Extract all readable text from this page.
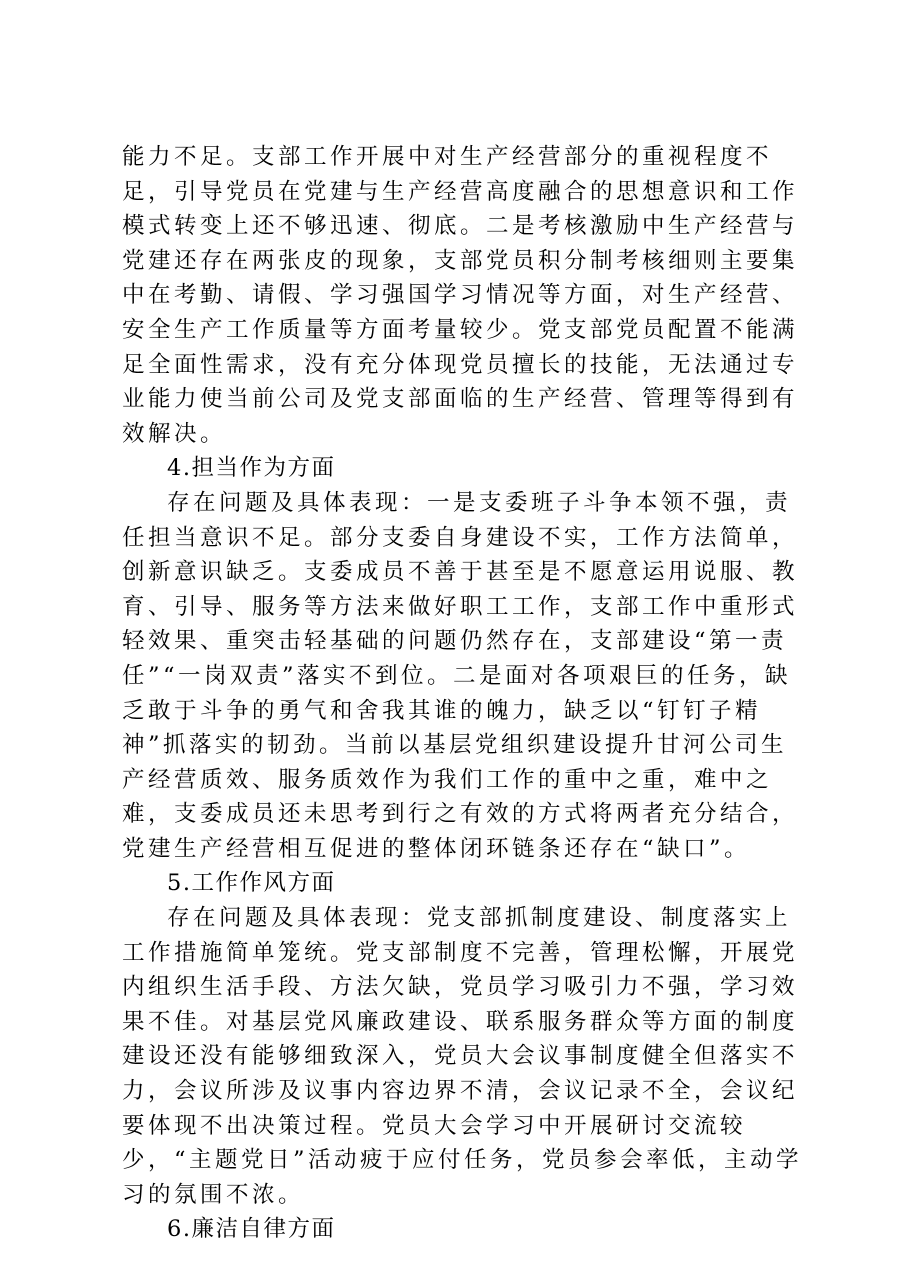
能力不足。支部工作开展中对生产经营部分的重视程度不足，引导党员在党建与生产经营高度融合的思想意识和工作模式转变上还不够迅速、彻底。二是考核激励中生产经营与党建还存在两张皮的现象，支部党员积分制考核细则主要集中在考勤、请假、学习强国学习情况等方面，对生产经营、安全生产工作质量等方面考量较少。党支部党员配置不能满足全面性需求，没有充分体现党员擅长的技能，无法通过专业能力使当前公司及党支部面临的生产经营、管理等得到有效解决。

4.担当作为方面

存在问题及具体表现：一是支委班子斗争本领不强，责任担当意识不足。部分支委自身建设不实，工作方法简单，创新意识缺乏。支委成员不善于甚至是不愿意运用说服、教育、引导、服务等方法来做好职工工作，支部工作中重形式轻效果、重突击轻基础的问题仍然存在，支部建设“第一责任”“一岗双责”落实不到位。二是面对各项艰巨的任务，缺乏敢于斗争的勇气和舍我其谁的魄力，缺乏以“钉钉子精神”抓落实的韧劲。当前以基层党组织建设提升甘河公司生产经营质效、服务质效作为我们工作的重中之重，难中之难，支委成员还未思考到行之有效的方式将两者充分结合，党建生产经营相互促进的整体闭环链条还存在“缺口”。

5.工作作风方面

存在问题及具体表现：党支部抓制度建设、制度落实上工作措施简单笼统。党支部制度不完善，管理松懈，开展党内组织生活手段、方法欠缺，党员学习吸引力不强，学习效果不佳。对基层党风廉政建设、联系服务群众等方面的制度建设还没有能够细致深入，党员大会议事制度健全但落实不力，会议所涉及议事内容边界不清，会议记录不全，会议纪要体现不出决策过程。党员大会学习中开展研讨交流较少，“主题党日”活动疲于应付任务，党员参会率低，主动学习的氛围不浓。

6.廉洁自律方面
